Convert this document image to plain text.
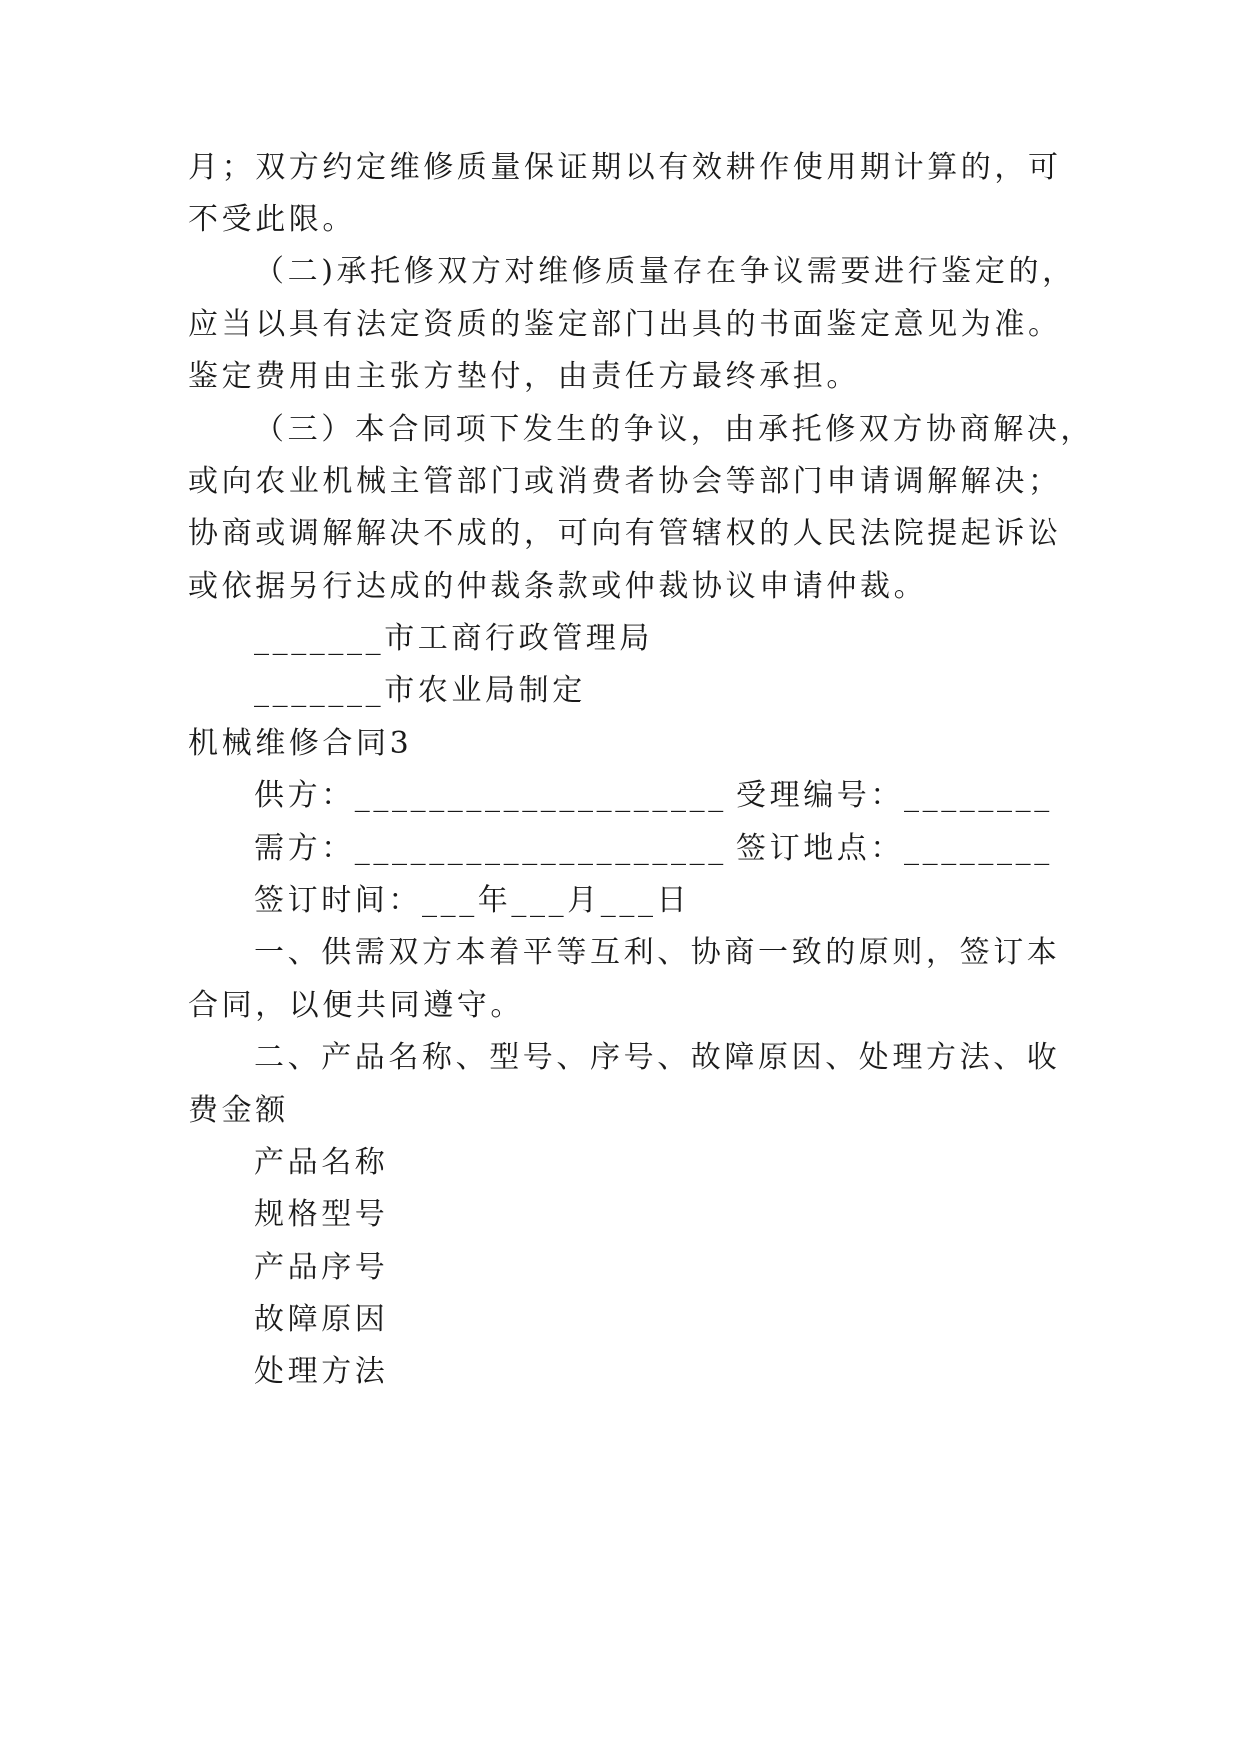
月；双方约定维修质量保证期以有效耕作使用期计算的，可
不受此限。
（二)承托修双方对维修质量存在争议需要进行鉴定的，
应当以具有法定资质的鉴定部门出具的书面鉴定意见为准。
鉴定费用由主张方垫付，由责任方最终承担。
（三）本合同项下发生的争议，由承托修双方协商解决，
或向农业机械主管部门或消费者协会等部门申请调解解决；
协商或调解解决不成的，可向有管辖权的人民法院提起诉讼
或依据另行达成的仲裁条款或仲裁协议申请仲裁。
_______市工商行政管理局
_______市农业局制定
机械维修合同3
供方：____________________ 受理编号：________
需方：____________________ 签订地点：________
签订时间：___年___月___日
一、供需双方本着平等互利、协商一致的原则，签订本
合同，以便共同遵守。
二、产品名称、型号、序号、故障原因、处理方法、收
费金额
产品名称
规格型号
产品序号
故障原因
处理方法
